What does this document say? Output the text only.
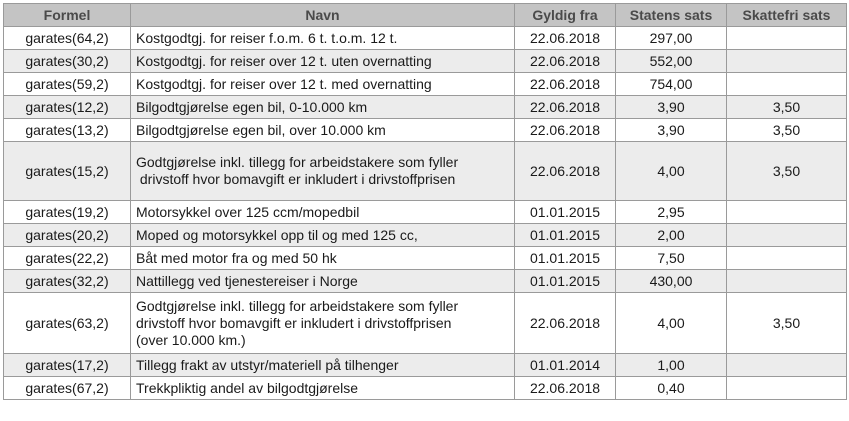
Formel	Navn	Gyldig fra	Statens sats	Skattefri sats
garates(64,2)	Kostgodtgj. for reiser f.o.m. 6 t. t.o.m. 12 t.	22.06.2018	297,00	
garates(30,2)	Kostgodtgj. for reiser over 12 t. uten overnatting	22.06.2018	552,00	
garates(59,2)	Kostgodtgj. for reiser over 12 t. med overnatting	22.06.2018	754,00	
garates(12,2)	Bilgodtgjørelse egen bil, 0-10.000 km	22.06.2018	3,90	3,50
garates(13,2)	Bilgodtgjørelse egen bil, over 10.000 km	22.06.2018	3,90	3,50
garates(15,2)	Godtgjørelse inkl. tillegg for arbeidstakere som fyller
drivstoff hvor bomavgift er inkludert i drivstoffprisen	22.06.2018	4,00	3,50
garates(19,2)	Motorsykkel over 125 ccm/mopedbil	01.01.2015	2,95	
garates(20,2)	Moped og motorsykkel opp til og med 125 cc,	01.01.2015	2,00	
garates(22,2)	Båt med motor fra og med 50 hk	01.01.2015	7,50	
garates(32,2)	Nattillegg ved tjenestereiser i Norge	01.01.2015	430,00	
garates(63,2)	Godtgjørelse inkl. tillegg for arbeidstakere som fyller
drivstoff hvor bomavgift er inkludert i drivstoffprisen
(over 10.000 km.)	22.06.2018	4,00	3,50
garates(17,2)	Tillegg frakt av utstyr/materiell på tilhenger	01.01.2014	1,00	
garates(67,2)	Trekkpliktig andel av bilgodtgjørelse	22.06.2018	0,40	
